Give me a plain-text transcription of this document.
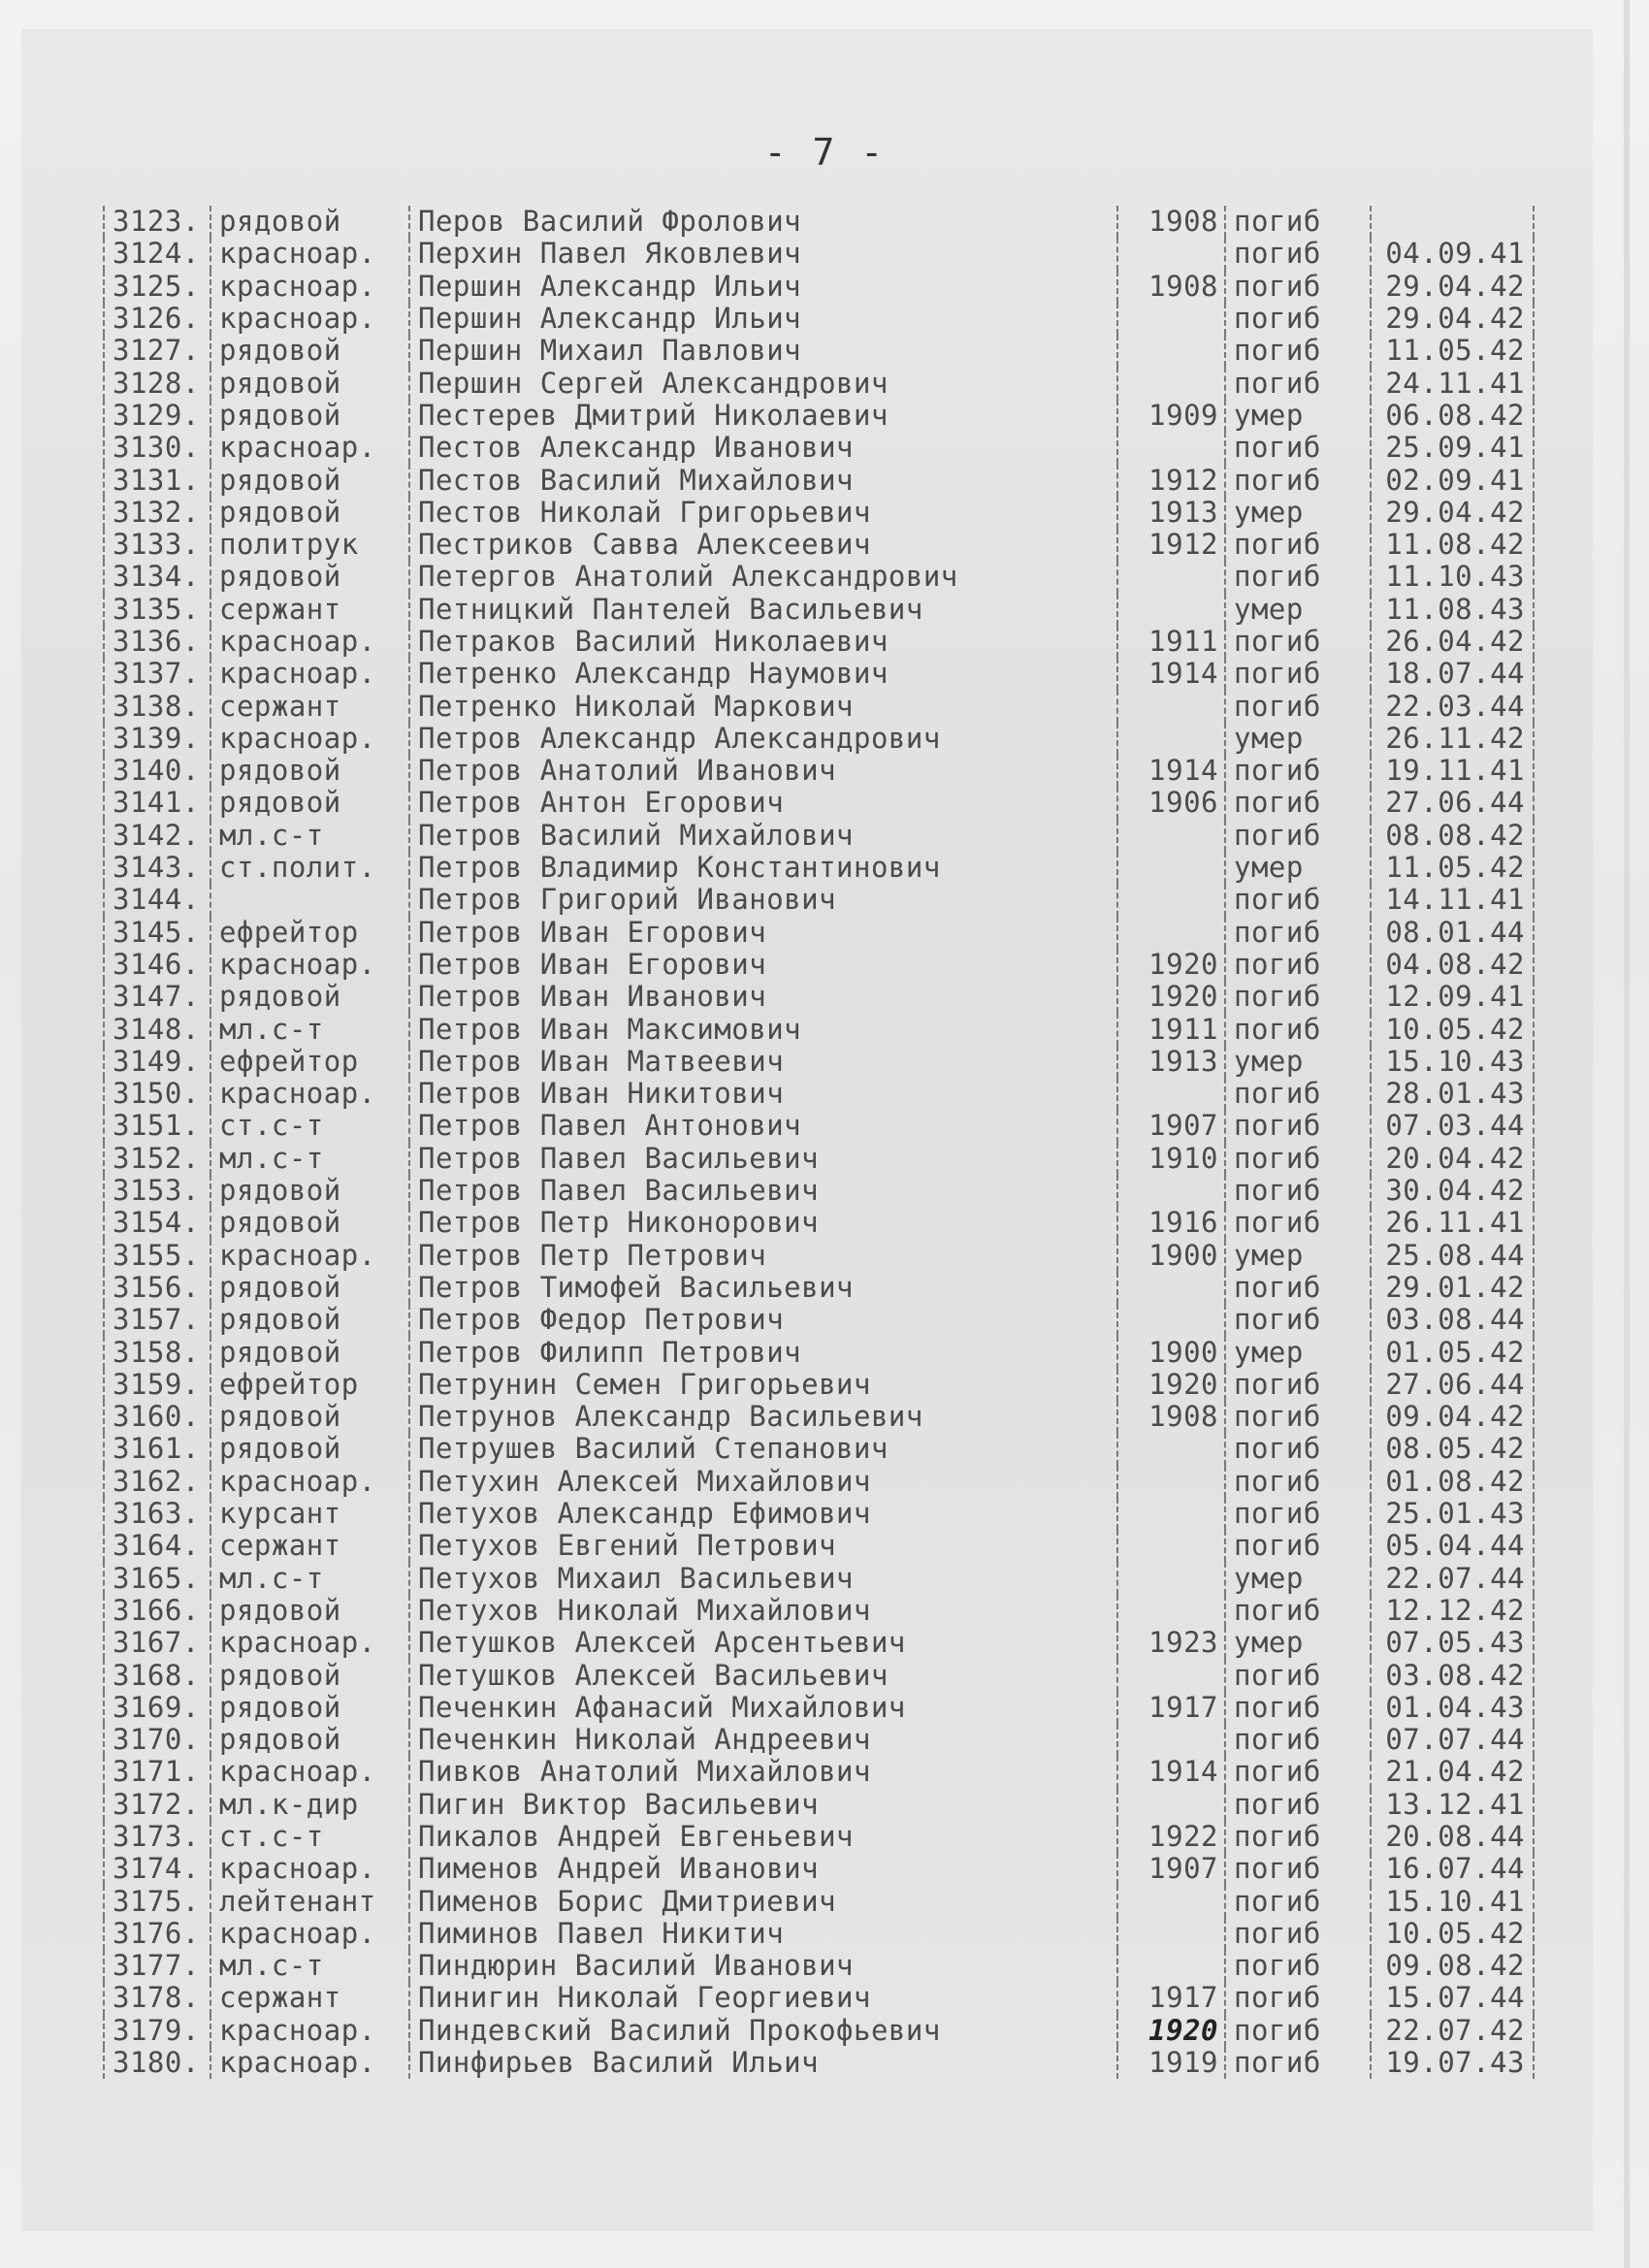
- 7 -
3123.	рядовой	Перов Василий Фролович	1908	погиб	
3124.	красноар.	Перхин Павел Яковлевич		погиб	04.09.41
3125.	красноар.	Першин Александр Ильич	1908	погиб	29.04.42
3126.	красноар.	Першин Александр Ильич		погиб	29.04.42
3127.	рядовой	Першин Михаил Павлович		погиб	11.05.42
3128.	рядовой	Першин Сергей Александрович		погиб	24.11.41
3129.	рядовой	Пестерев Дмитрий Николаевич	1909	умер	06.08.42
3130.	красноар.	Пестов Александр Иванович		погиб	25.09.41
3131.	рядовой	Пестов Василий Михайлович	1912	погиб	02.09.41
3132.	рядовой	Пестов Николай Григорьевич	1913	умер	29.04.42
3133.	политрук	Пестриков Савва Алексеевич	1912	погиб	11.08.42
3134.	рядовой	Петергов Анатолий Александрович		погиб	11.10.43
3135.	сержант	Петницкий Пантелей Васильевич		умер	11.08.43
3136.	красноар.	Петраков Василий Николаевич	1911	погиб	26.04.42
3137.	красноар.	Петренко Александр Наумович	1914	погиб	18.07.44
3138.	сержант	Петренко Николай Маркович		погиб	22.03.44
3139.	красноар.	Петров Александр Александрович		умер	26.11.42
3140.	рядовой	Петров Анатолий Иванович	1914	погиб	19.11.41
3141.	рядовой	Петров Антон Егорович	1906	погиб	27.06.44
3142.	мл.с-т	Петров Василий Михайлович		погиб	08.08.42
3143.	ст.полит.	Петров Владимир Константинович		умер	11.05.42
3144.		Петров Григорий Иванович		погиб	14.11.41
3145.	ефрейтор	Петров Иван Егорович		погиб	08.01.44
3146.	красноар.	Петров Иван Егорович	1920	погиб	04.08.42
3147.	рядовой	Петров Иван Иванович	1920	погиб	12.09.41
3148.	мл.с-т	Петров Иван Максимович	1911	погиб	10.05.42
3149.	ефрейтор	Петров Иван Матвеевич	1913	умер	15.10.43
3150.	красноар.	Петров Иван Никитович		погиб	28.01.43
3151.	ст.с-т	Петров Павел Антонович	1907	погиб	07.03.44
3152.	мл.с-т	Петров Павел Васильевич	1910	погиб	20.04.42
3153.	рядовой	Петров Павел Васильевич		погиб	30.04.42
3154.	рядовой	Петров Петр Никонорович	1916	погиб	26.11.41
3155.	красноар.	Петров Петр Петрович	1900	умер	25.08.44
3156.	рядовой	Петров Тимофей Васильевич		погиб	29.01.42
3157.	рядовой	Петров Федор Петрович		погиб	03.08.44
3158.	рядовой	Петров Филипп Петрович	1900	умер	01.05.42
3159.	ефрейтор	Петрунин Семен Григорьевич	1920	погиб	27.06.44
3160.	рядовой	Петрунов Александр Васильевич	1908	погиб	09.04.42
3161.	рядовой	Петрушев Василий Степанович		погиб	08.05.42
3162.	красноар.	Петухин Алексей Михайлович		погиб	01.08.42
3163.	курсант	Петухов Александр Ефимович		погиб	25.01.43
3164.	сержант	Петухов Евгений Петрович		погиб	05.04.44
3165.	мл.с-т	Петухов Михаил Васильевич		умер	22.07.44
3166.	рядовой	Петухов Николай Михайлович		погиб	12.12.42
3167.	красноар.	Петушков Алексей Арсентьевич	1923	умер	07.05.43
3168.	рядовой	Петушков Алексей Васильевич		погиб	03.08.42
3169.	рядовой	Печенкин Афанасий Михайлович	1917	погиб	01.04.43
3170.	рядовой	Печенкин Николай Андреевич		погиб	07.07.44
3171.	красноар.	Пивков Анатолий Михайлович	1914	погиб	21.04.42
3172.	мл.к-дир	Пигин Виктор Васильевич		погиб	13.12.41
3173.	ст.с-т	Пикалов Андрей Евгеньевич	1922	погиб	20.08.44
3174.	красноар.	Пименов Андрей Иванович	1907	погиб	16.07.44
3175.	лейтенант	Пименов Борис Дмитриевич		погиб	15.10.41
3176.	красноар.	Пиминов Павел Никитич		погиб	10.05.42
3177.	мл.с-т	Пиндюрин Василий Иванович		погиб	09.08.42
3178.	сержант	Пинигин Николай Георгиевич	1917	погиб	15.07.44
3179.	красноар.	Пиндевский Василий Прокофьевич	1920	погиб	22.07.42
3180.	красноар.	Пинфирьев Василий Ильич	1919	погиб	19.07.43
